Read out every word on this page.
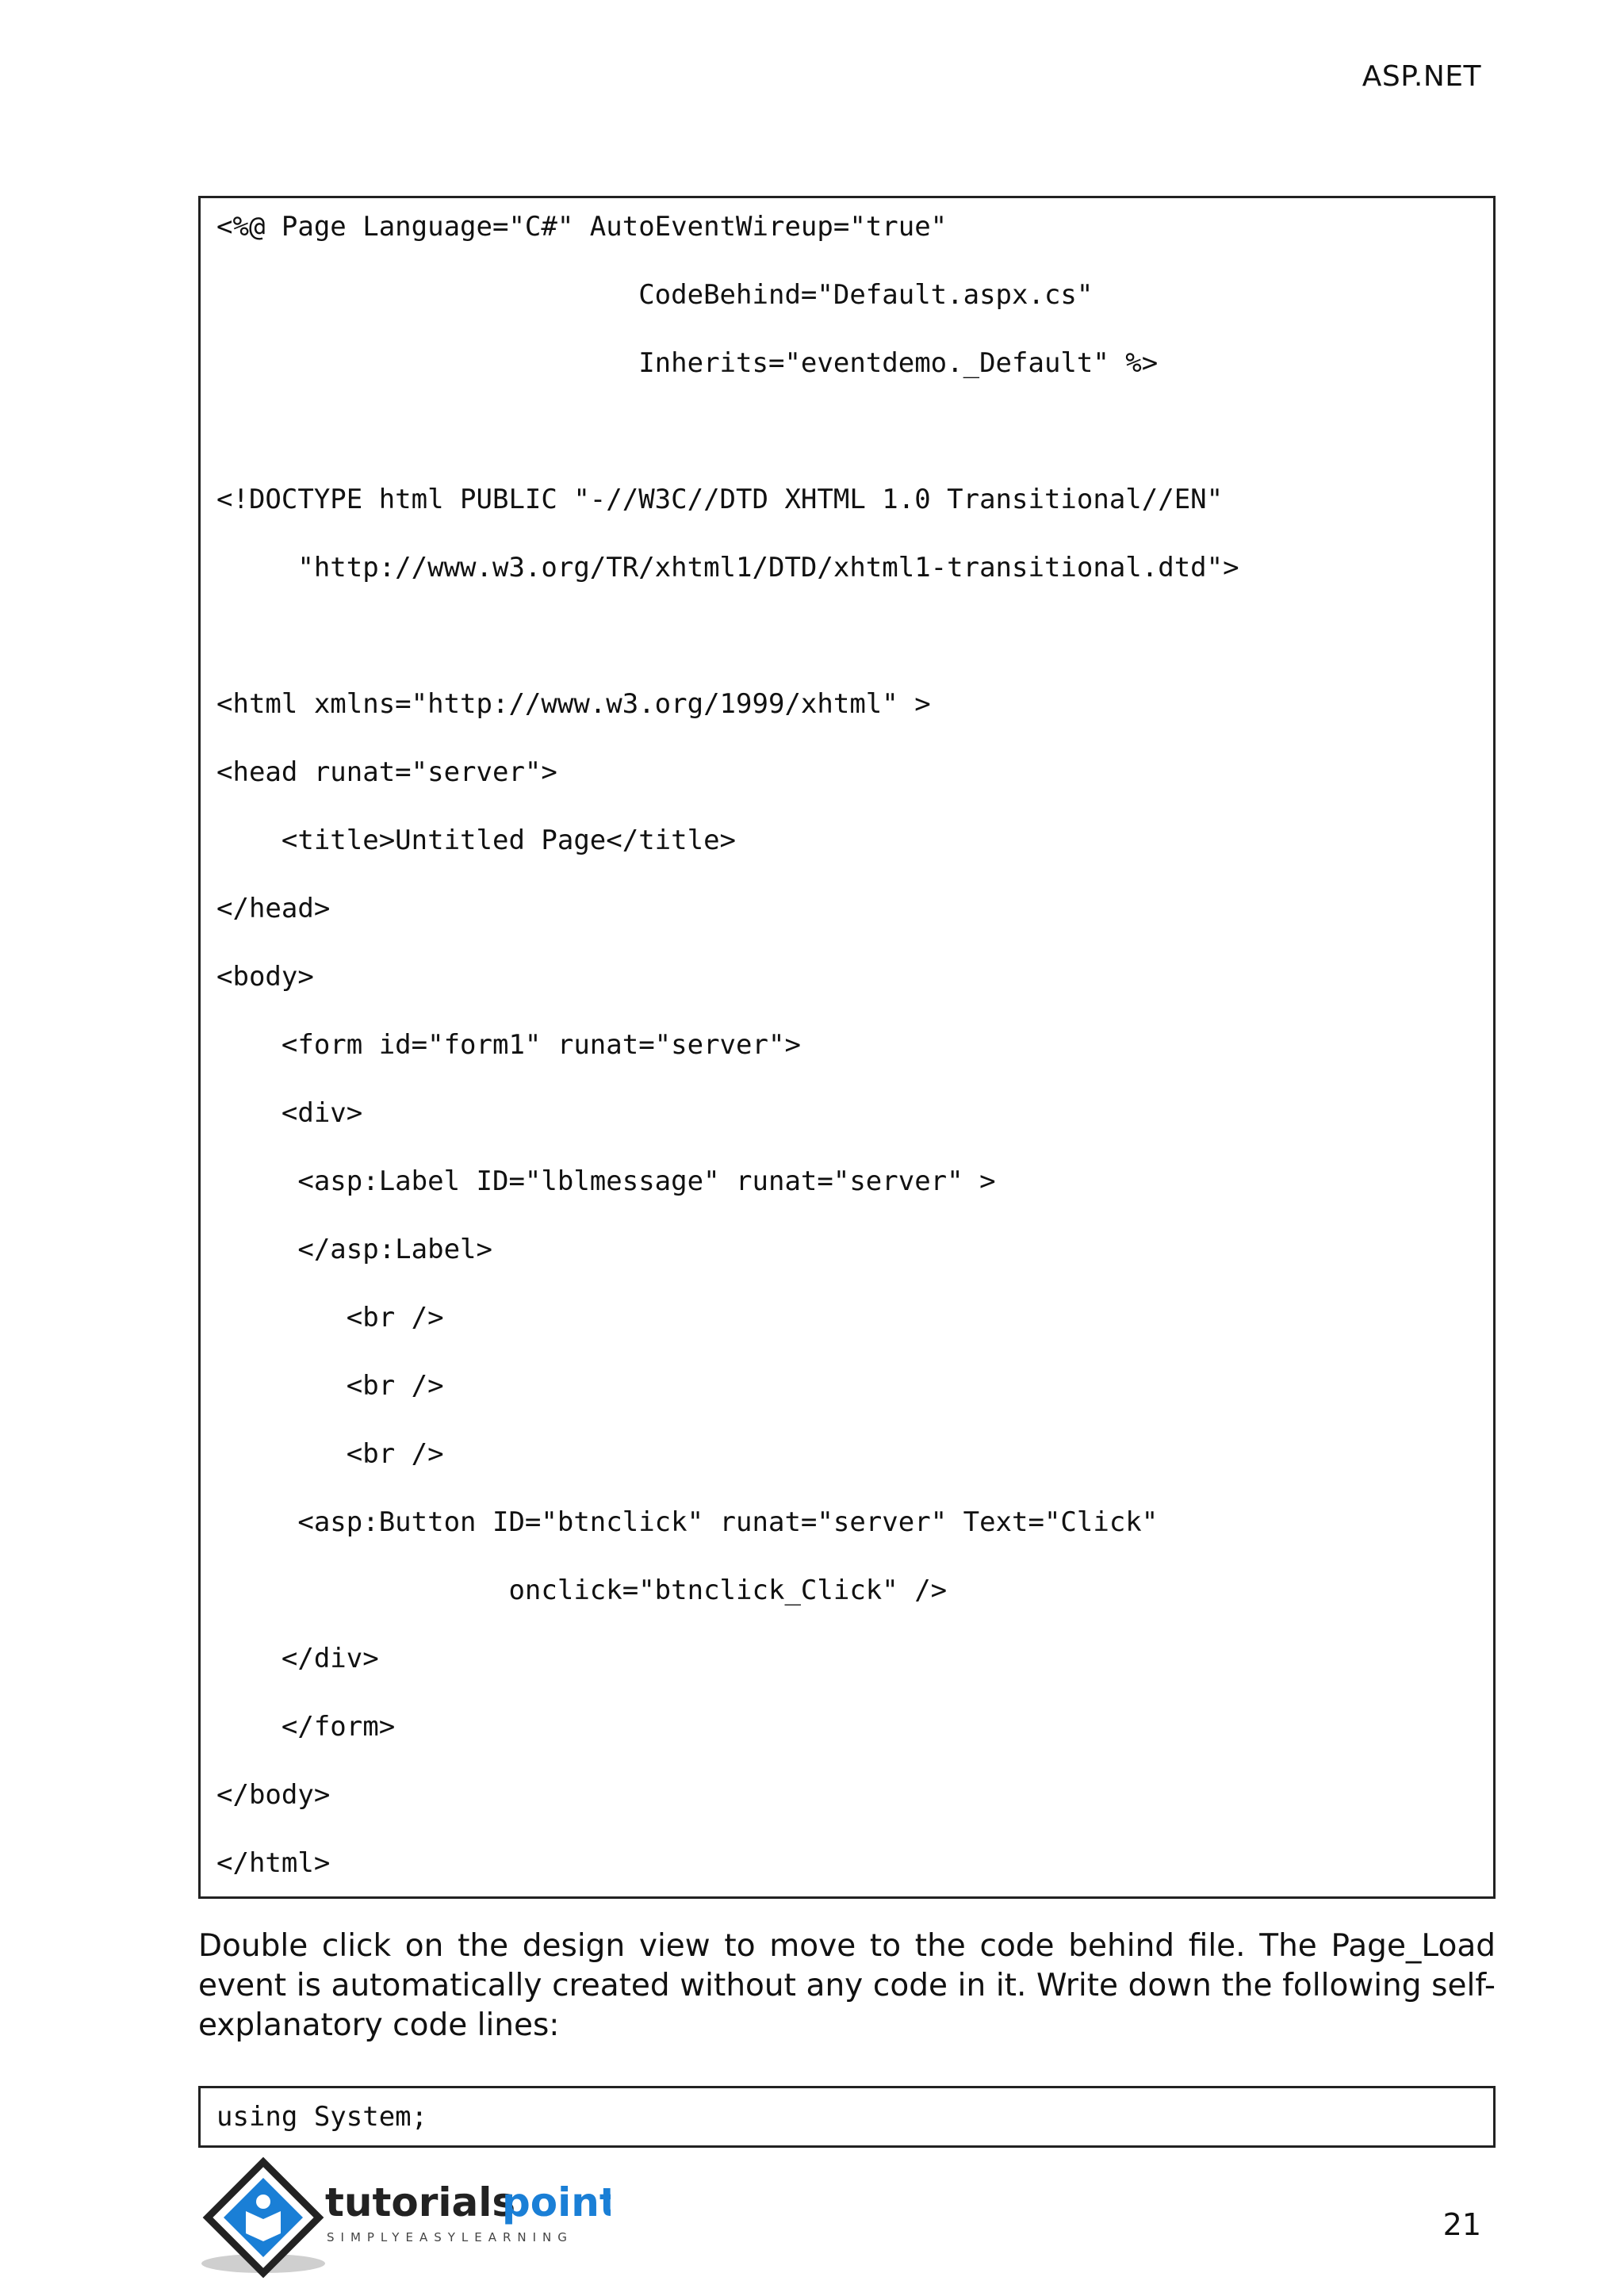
ASP.NET
<%@ Page Language="C#" AutoEventWireup="true"
CodeBehind="Default.aspx.cs"
Inherits="eventdemo._Default" %>
<!DOCTYPE html PUBLIC "-//W3C//DTD XHTML 1.0 Transitional//EN"
"http://www.w3.org/TR/xhtml1/DTD/xhtml1-transitional.dtd">
<html xmlns="http://www.w3.org/1999/xhtml" >
<head runat="server">
<title>Untitled Page</title>
</head>
<body>
<form id="form1" runat="server">
<div>
<asp:Label ID="lblmessage" runat="server" >
</asp:Label>
<br />
<br />
<br />
<asp:Button ID="btnclick" runat="server" Text="Click"
onclick="btnclick_Click" />
</div>
</form>
</body>
</html>
Double click on the design view to move to the code behind file. The Page_Load event is automatically created without any code in it. Write down the following self-explanatory code lines:
using System;
tutorials
point
SIMPLYEASYLEARNING	21
